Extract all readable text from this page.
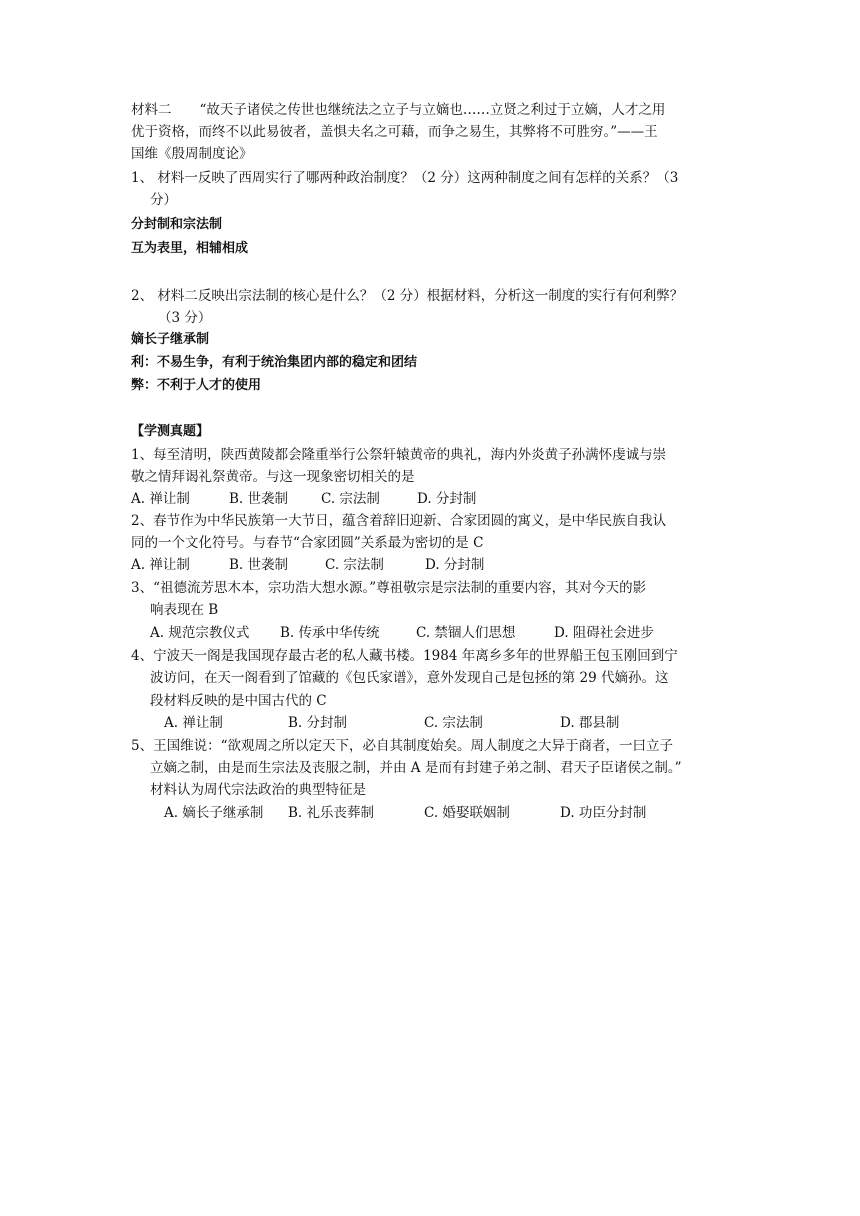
材料二 “故天子诸侯之传世也继统法之立子与立嫡也……立贤之利过于立嫡，人才之用
优于资格，而终不以此易彼者，盖惧夫名之可藉，而争之易生，其弊将不可胜穷。”——王
国维《殷周制度论》
1、 材料一反映了西周实行了哪两种政治制度？（2 分）这两种制度之间有怎样的关系？（3
分）
分封制和宗法制
互为表里，相辅相成
2、 材料二反映出宗法制的核心是什么？（2 分）根据材料，分析这一制度的实行有何利弊？
（3 分）
嫡长子继承制
利：不易生争，有利于统治集团内部的稳定和团结
弊：不利于人才的使用
【学测真题】
1、每至清明，陕西黄陵都会隆重举行公祭轩辕黄帝的典礼，海内外炎黄子孙满怀虔诚与崇
敬之情拜谒礼祭黄帝。与这一现象密切相关的是
A. 禅让制	B. 世袭制 C. 宗法制	D. 分封制
2、春节作为中华民族第一大节日，蕴含着辞旧迎新、合家团圆的寓义，是中华民族自我认
同的一个文化符号。与春节“合家团圆”关系最为密切的是 C
A. 禅让制	B. 世袭制	C. 宗法制	D. 分封制
3、“祖德流芳思木本，宗功浩大想水源。”尊祖敬宗是宗法制的重要内容，其对今天的影
响表现在 B
A. 规范宗教仪式 B. 传承中华传统	C. 禁锢人们思想	D. 阻碍社会进步
4、宁波天一阁是我国现存最古老的私人藏书楼。1984 年离乡多年的世界船王包玉刚回到宁
波访问，在天一阁看到了馆藏的《包氏家谱》，意外发现自己是包拯的第 29 代嫡孙。这
段材料反映的是中国古代的 C
A. 禅让制	B. 分封制	C. 宗法制	D. 郡县制
5、王国维说：“欲观周之所以定天下，必自其制度始矣。周人制度之大异于商者，一曰立子
立嫡之制，由是而生宗法及丧服之制，并由 A 是而有封建子弟之制、君天子臣诸侯之制。”
材料认为周代宗法政治的典型特征是
A. 嫡长子继承制 B. 礼乐丧葬制	C. 婚娶联姻制	D. 功臣分封制
